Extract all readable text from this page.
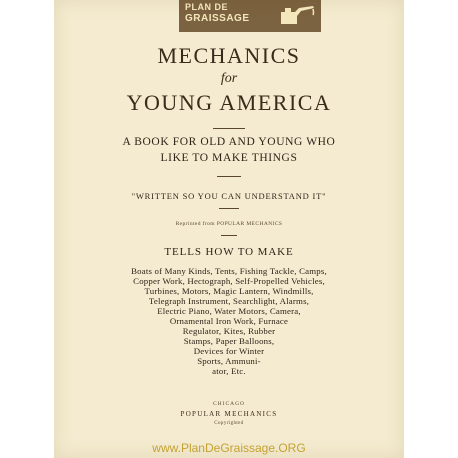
PLAN DE
GRAISSAGE
MECHANICS
for
YOUNG AMERICA
A BOOK FOR OLD AND YOUNG WHO
LIKE TO MAKE THINGS
"WRITTEN SO YOU CAN UNDERSTAND IT"
Reprinted from POPULAR MECHANICS
TELLS HOW TO MAKE
Boats of Many Kinds, Tents, Fishing Tackle, Camps,
Copper Work, Hectograph, Self-Propelled Vehicles,
Turbines, Motors, Magic Lantern, Windmills,
Telegraph Instrument, Searchlight, Alarms,
Electric Piano, Water Motors, Camera,
Ornamental Iron Work, Furnace
Regulator, Kites, Rubber
Stamps, Paper Balloons,
Devices for Winter
Sports, Ammuni-
ator, Etc.
CHICAGO
POPULAR MECHANICS
Copyrighted
www.PlanDeGraissage.ORG
